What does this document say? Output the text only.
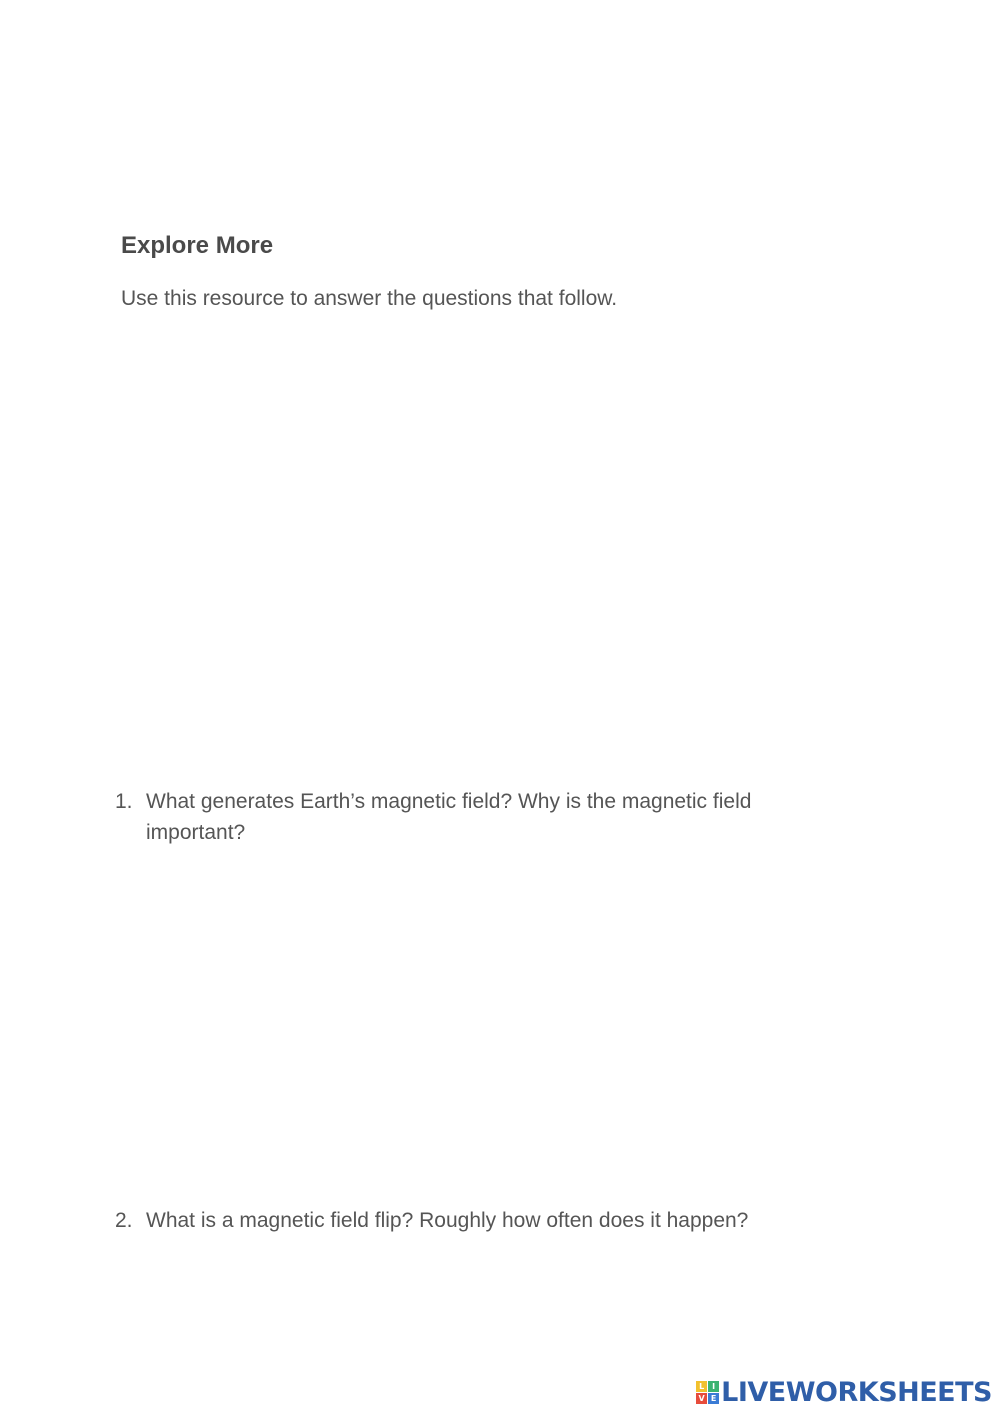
Explore More

Use this resource to answer the questions that follow.

1. What generates Earth’s magnetic field? Why is the magnetic field important?
2. What is a magnetic field flip? Roughly how often does it happen?
L I
V E LIVEWORKSHEETS
